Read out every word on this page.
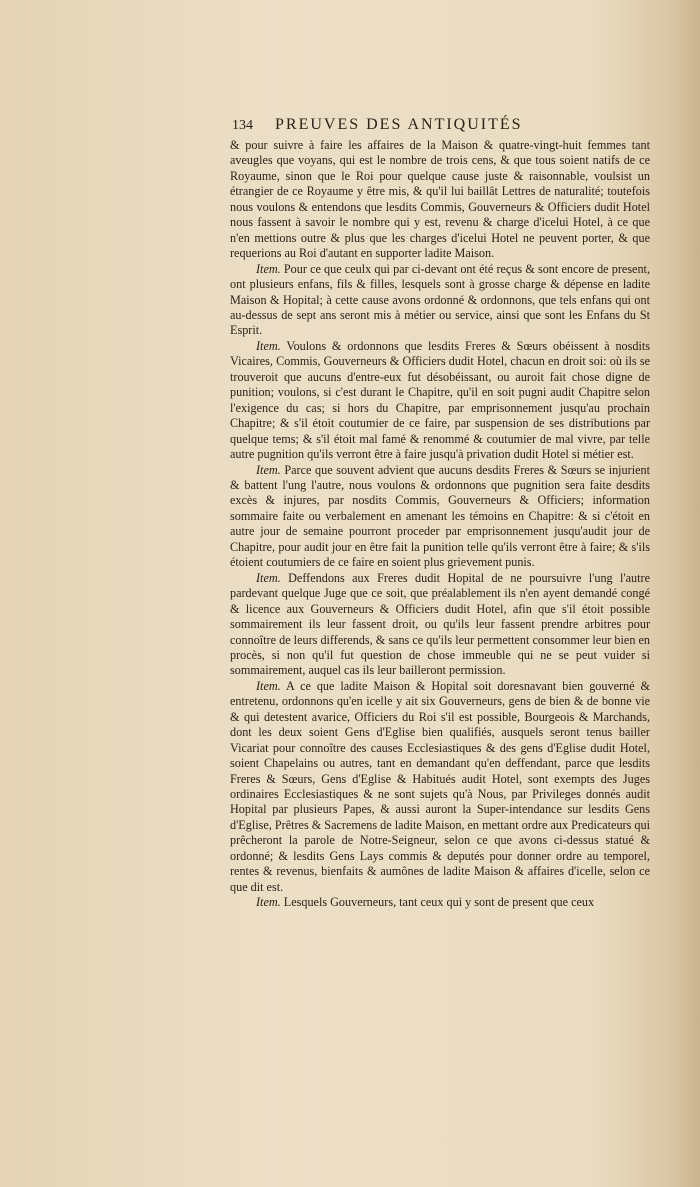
134 PREUVES DES ANTIQUITÉS

& pour suivre à faire les affaires de la Maison & quatre-vingt-huit femmes tant aveugles que voyans, qui est le nombre de trois cens, & que tous soient natifs de ce Royaume, sinon que le Roi pour quelque cause juste & raisonnable, voulsist un étrangier de ce Royaume y être mis, & qu'il lui baillât Lettres de naturalité; toutefois nous voulons & entendons que lesdits Commis, Gouverneurs & Officiers dudit Hotel nous fassent à savoir le nombre qui y est, revenu & charge d'icelui Hotel, à ce que n'en mettions outre & plus que les charges d'icelui Hotel ne peuvent porter, & que requerions au Roi d'autant en supporter ladite Maison.

Item. Pour ce que ceulx qui par ci-devant ont été reçus & sont encore de present, ont plusieurs enfans, fils & filles, lesquels sont à grosse charge & dépense en ladite Maison & Hopital; à cette cause avons ordonné & ordonnons, que tels enfans qui ont au-dessus de sept ans seront mis à métier ou service, ainsi que sont les Enfans du St Esprit.

Item. Voulons & ordonnons que lesdits Freres & Sœurs obéissent à nosdits Vicaires, Commis, Gouverneurs & Officiers dudit Hotel, chacun en droit soi: où ils se trouveroit que aucuns d'entre-eux fut désobéissant, ou auroit fait chose digne de punition; voulons, si c'est durant le Chapitre, qu'il en soit pugni audit Chapitre selon l'exigence du cas; si hors du Chapitre, par emprisonnement jusqu'au prochain Chapitre; & s'il étoit coutumier de ce faire, par suspension de ses distributions par quelque tems; & s'il étoit mal famé & renommé & coutumier de mal vivre, par telle autre pugnition qu'ils verront être à faire jusqu'à privation dudit Hotel si métier est.

Item. Parce que souvent advient que aucuns desdits Freres & Sœurs se injurient & battent l'ung l'autre, nous voulons & ordonnons que pugnition sera faite desdits excès & injures, par nosdits Commis, Gouverneurs & Officiers; information sommaire faite ou verbalement en amenant les témoins en Chapitre: & si c'étoit en autre jour de semaine pourront proceder par emprisonnement jusqu'audit jour de Chapitre, pour audit jour en être fait la punition telle qu'ils verront être à faire; & s'ils étoient coutumiers de ce faire en soient plus grievement punis.

Item. Deffendons aux Freres dudit Hopital de ne poursuivre l'ung l'autre pardevant quelque Juge que ce soit, que préalablement ils n'en ayent demandé congé & licence aux Gouverneurs & Officiers dudit Hotel, afin que s'il étoit possible sommairement ils leur fassent droit, ou qu'ils leur fassent prendre arbitres pour connoître de leurs differends, & sans ce qu'ils leur permettent consommer leur bien en procès, si non qu'il fut question de chose immeuble qui ne se peut vuider si sommairement, auquel cas ils leur bailleront permission.

Item. A ce que ladite Maison & Hopital soit doresnavant bien gouverné & entretenu, ordonnons qu'en icelle y ait six Gouverneurs, gens de bien & de bonne vie & qui detestent avarice, Officiers du Roi s'il est possible, Bourgeois & Marchands, dont les deux soient Gens d'Eglise bien qualifiés, ausquels seront tenus bailler Vicariat pour connoître des causes Ecclesiastiques & des gens d'Eglise dudit Hotel, soient Chapelains ou autres, tant en demandant qu'en deffendant, parce que lesdits Freres & Sœurs, Gens d'Eglise & Habitués audit Hotel, sont exempts des Juges ordinaires Ecclesiastiques & ne sont sujets qu'à Nous, par Privileges donnés audit Hopital par plusieurs Papes, & aussi auront la Super-intendance sur lesdits Gens d'Eglise, Prêtres & Sacremens de ladite Maison, en mettant ordre aux Predicateurs qui prêcheront la parole de Notre-Seigneur, selon ce que avons ci-dessus statué & ordonné; & lesdits Gens Lays commis & deputés pour donner ordre au temporel, rentes & revenus, bienfaits & aumônes de ladite Maison & affaires d'icelle, selon ce que dit est.

Item. Lesquels Gouverneurs, tant ceux qui y sont de present que ceux
